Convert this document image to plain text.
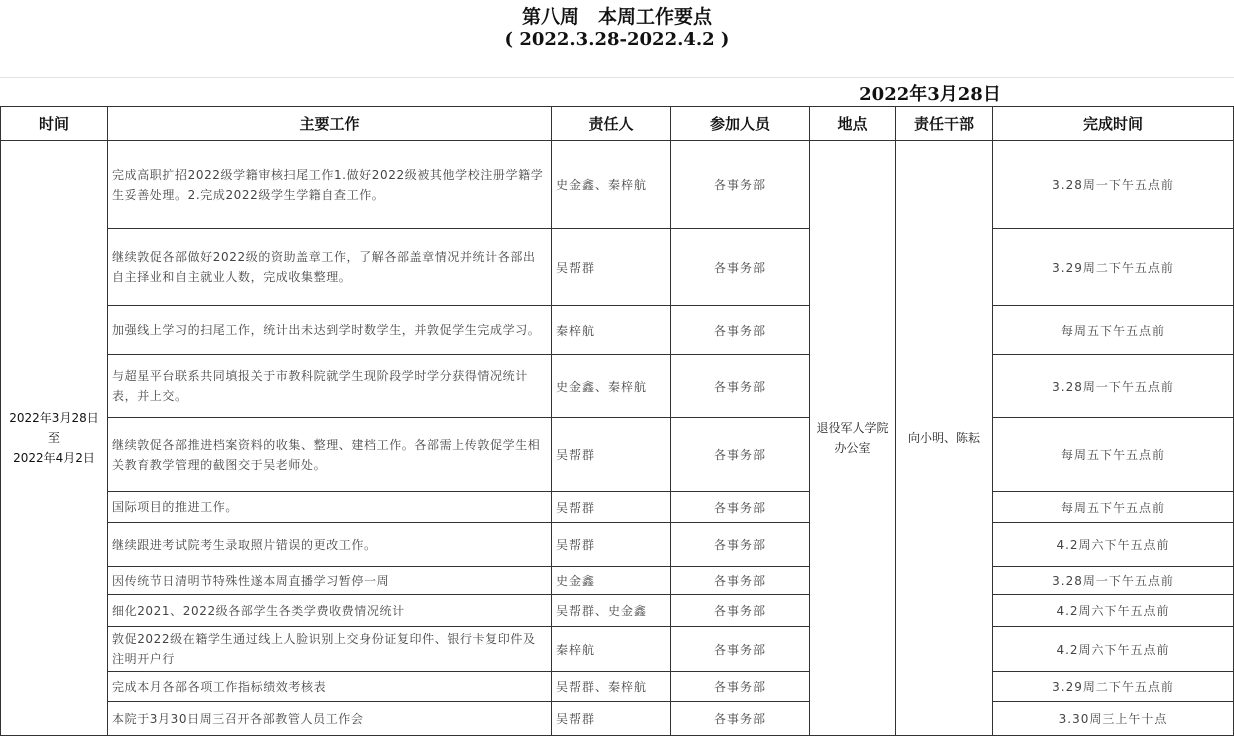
第八周　本周工作要点
( 2022.3.28-2022.4.2 )
2022年3月28日
时间	主要工作	责任人	参加人员	地点	责任干部	完成时间

2022年3月28日
至
2022年4月2日	完成高职扩招2022级学籍审核扫尾工作1.做好2022级被其他学校注册学籍学生妥善处理。2.完成2022级学生学籍自查工作。	史金鑫、秦梓航	各事务部	退役军人学院办公室	向小明、陈耘	3.28周一下午五点前
	继续敦促各部做好2022级的资助盖章工作，了解各部盖章情况并统计各部出自主择业和自主就业人数，完成收集整理。	吴帮群	各事务部			3.29周二下午五点前
	加强线上学习的扫尾工作，统计出未达到学时数学生，并敦促学生完成学习。	秦梓航	各事务部			每周五下午五点前
	与超星平台联系共同填报关于市教科院就学生现阶段学时学分获得情况统计表，并上交。	史金鑫、秦梓航	各事务部			3.28周一下午五点前
	继续敦促各部推进档案资料的收集、整理、建档工作。各部需上传敦促学生相关教育教学管理的截图交于吴老师处。	吴帮群	各事务部			每周五下午五点前
	国际项目的推进工作。	吴帮群	各事务部			每周五下午五点前
	继续跟进考试院考生录取照片错误的更改工作。	吴帮群	各事务部			4.2周六下午五点前
	因传统节日清明节特殊性遂本周直播学习暂停一周	史金鑫	各事务部			3.28周一下午五点前
	细化2021、2022级各部学生各类学费收费情况统计	吴帮群、史金鑫	各事务部			4.2周六下午五点前
	敦促2022级在籍学生通过线上人脸识别上交身份证复印件、银行卡复印件及注明开户行	秦梓航	各事务部			4.2周六下午五点前
	完成本月各部各项工作指标绩效考核表	吴帮群、秦梓航	各事务部			3.29周二下午五点前
	本院于3月30日周三召开各部教管人员工作会	吴帮群	各事务部			3.30周三上午十点
